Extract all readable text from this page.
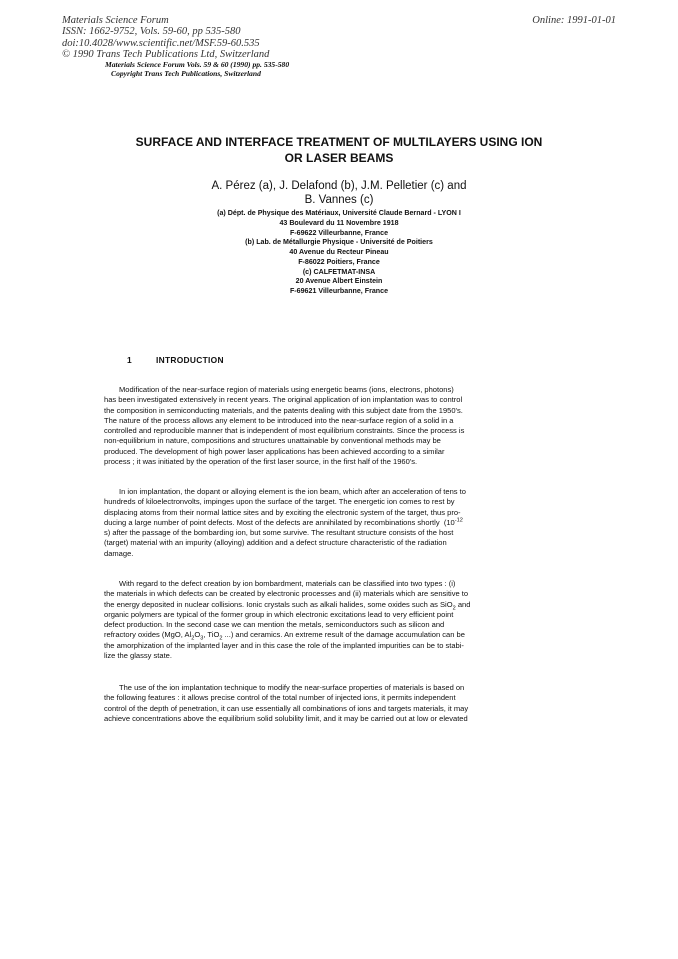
Materials Science Forum
ISSN: 1662-9752, Vols. 59-60, pp 535-580
doi:10.4028/www.scientific.net/MSF.59-60.535
© 1990 Trans Tech Publications Ltd, Switzerland
Online: 1991-01-01
Materials Science Forum Vols. 59 & 60 (1990) pp. 535-580
Copyright Trans Tech Publications, Switzerland
SURFACE AND INTERFACE TREATMENT OF MULTILAYERS USING ION
OR LASER BEAMS
A. Pérez (a), J. Delafond (b), J.M. Pelletier (c) and
B. Vannes (c)
(a) Dépt. de Physique des Matériaux, Université Claude Bernard - LYON I
43 Boulevard du 11 Novembre 1918
F-69622 Villeurbanne, France
(b) Lab. de Métallurgie Physique - Université de Poitiers
40 Avenue du Recteur Pineau
F-86022 Poitiers, France
(c) CALFETMAT-INSA
20 Avenue Albert Einstein
F-69621 Villeurbanne, France
1	INTRODUCTION
Modification of the near-surface region of materials using energetic beams (ions, electrons, photons)
has been investigated extensively in recent years. The original application of ion implantation was to control
the composition in semiconducting materials, and the patents dealing with this subject date from the 1950's.
The nature of the process allows any element to be introduced into the near-surface region of a solid in a
controlled and reproducible manner that is independent of most equilibrium constraints. Since the process is
non-equilibrium in nature, compositions and structures unattainable by conventional methods may be
produced. The development of high power laser applications has been achieved according to a similar
process ; it was initiated by the operation of the first laser source, in the first half of the 1960's.
In ion implantation, the dopant or alloying element is the ion beam, which after an acceleration of tens to
hundreds of kiloelectronvolts, impinges upon the surface of the target. The energetic ion comes to rest by
displacing atoms from their normal lattice sites and by exciting the electronic system of the target, thus pro-
ducing a large number of point defects. Most of the defects are annihilated by recombinations shortly ($10^{-12}$
s) after the passage of the bombarding ion, but some survive. The resultant structure consists of the host
(target) material with an impurity (alloying) addition and a defect structure characteristic of the radiation
damage.
With regard to the defect creation by ion bombardment, materials can be classified into two types : (i)
the materials in which defects can be created by electronic processes and (ii) materials which are sensitive to
the energy deposited in nuclear collisions. Ionic crystals such as alkali halides, some oxides such as SiO$_2$ and
organic polymers are typical of the former group in which electronic excitations lead to very efficient point
defect production. In the second case we can mention the metals, semiconductors such as silicon and
refractory oxides (MgO, $Al_2O_3$, TiO$_2$ ...) and ceramics. An extreme result of the damage accumulation can be
the amorphization of the implanted layer and in this case the role of the implanted impurities can be to stabi-
lize the glassy state.
The use of the ion implantation technique to modify the near-surface properties of materials is based on
the following features : it allows precise control of the total number of injected ions, it permits independent
control of the depth of penetration, it can use essentially all combinations of ions and targets materials, it may
achieve concentrations above the equilibrium solid solubility limit, and it may be carried out at low or elevated
